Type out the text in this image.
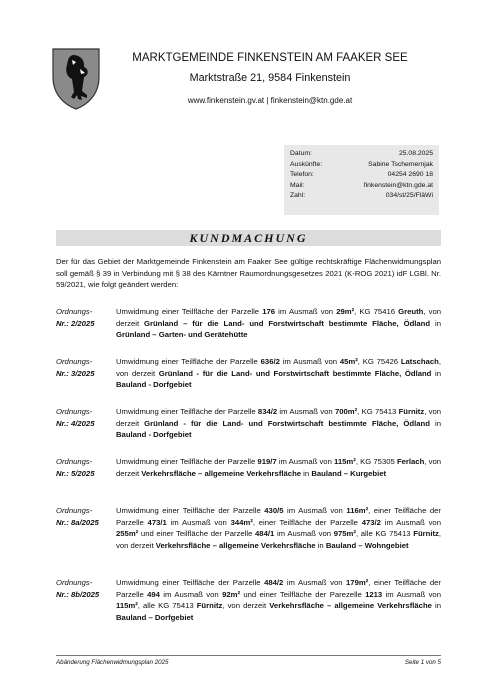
MARKTGEMEINDE FINKENSTEIN AM FAAKER SEE
Marktstraße 21, 9584 Finkenstein
www.finkenstein.gv.at | finkenstein@ktn.gde.at
Datum:	25.08.2025
Auskünfte:	Sabine Tschemernjak
Telefon:	04254 2690 18
Mail:	finkenstein@ktn.gde.at
Zahl:	034/st/25/FläWi
KUNDMACHUNG
Der für das Gebiet der Marktgemeinde Finkenstein am Faaker See gültige rechtskräftige Flächenwidmungsplan soll gemäß § 39 in Verbindung mit § 38 des Kärntner Raumordnungsgesetzes 2021 (K-ROG 2021) idF LGBl. Nr. 59/2021, wie folgt geändert werden:
Ordnungs-
Nr.: 2/2025
Umwidmung einer Teilfläche der Parzelle 176 im Ausmaß von 29m², KG 75416 Greuth, von derzeit Grünland – für die Land- und Forstwirtschaft bestimmte Fläche, Ödland in Grünland – Garten- und Gerätehütte
Ordnungs-
Nr.: 3/2025
Umwidmung einer Teilfläche der Parzelle 636/2 im Ausmaß von 45m², KG 75426 Latschach, von derzeit Grünland - für die Land- und Forstwirtschaft bestimmte Fläche, Ödland in Bauland - Dorfgebiet
Ordnungs-
Nr.: 4/2025
Umwidmung einer Teilfläche der Parzelle 834/2 im Ausmaß von 700m², KG 75413 Fürnitz, von derzeit Grünland - für die Land- und Forstwirtschaft bestimmte Fläche, Ödland in Bauland - Dorfgebiet
Ordnungs-
Nr.: 5/2025
Umwidmung einer Teilfläche der Parzelle 919/7 im Ausmaß von 115m², KG 75305 Ferlach, von derzeit Verkehrsfläche – allgemeine Verkehrsfläche in Bauland – Kurgebiet
Ordnungs-
Nr.: 8a/2025
Umwidmung einer Teilfläche der Parzelle 430/5 im Ausmaß von 116m², einer Teilfläche der Parzelle 473/1 im Ausmaß von 344m², einer Teilfläche der Parzelle 473/2 im Ausmaß von 255m² und einer Teilfläche der Parzelle 484/1 im Ausmaß von 975m², alle KG 75413 Fürnitz, von derzeit Verkehrsfläche – allgemeine Verkehrsfläche in Bauland – Wohngebiet
Ordnungs-
Nr.: 8b/2025
Umwidmung einer Teilfläche der Parzelle 484/2 im Ausmaß von 179m², einer Teilfläche der Parzelle 494 im Ausmaß von 92m² und einer Teilfläche der Parezelle 1213 im Ausmaß von 115m², alle KG 75413 Fürnitz, von derzeit Verkehrsfläche – allgemeine Verkehrsfläche in Bauland – Dorfgebiet
Abänderung Flächenwidmungsplan 2025	Seite 1 von 5
